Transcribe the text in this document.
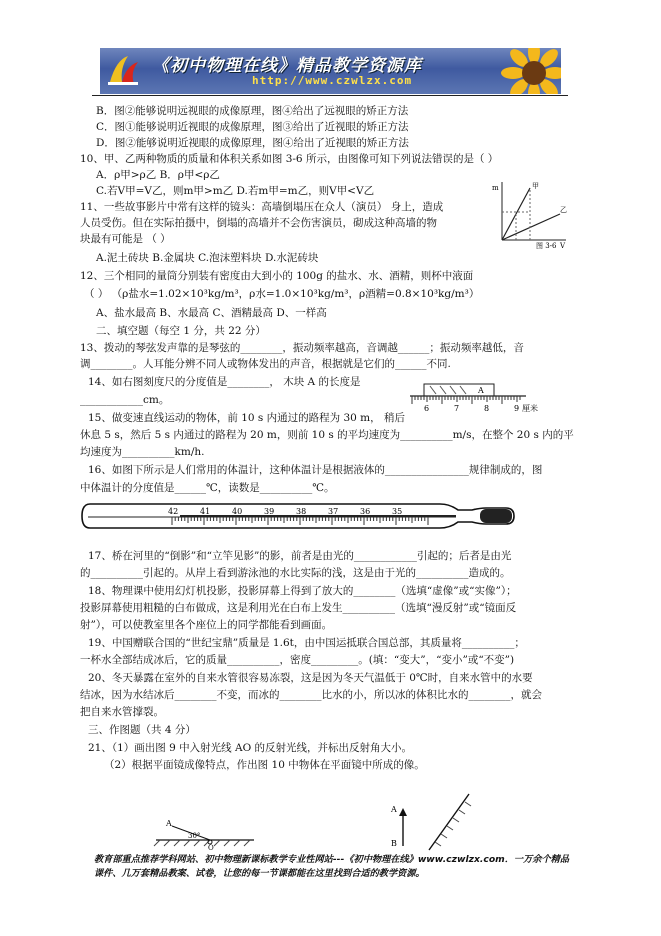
《初中物理在线》精品教学资源库
http://www.czwlzx.com
B．图②能够说明远视眼的成像原理，图④给出了远视眼的矫正方法
C．图①能够说明近视眼的成像原理，图③给出了近视眼的矫正方法
D．图②能够说明近视眼的成像原理，图④给出了近视眼的矫正方法
10、甲、乙两种物质的质量和体积关系如图 3-6 所示，由图像可知下列说法错误的是（ ）
A．ρ甲>ρ乙 B．ρ甲<ρ乙
C.若V甲=V乙，则m甲>m乙 D.若m甲=m乙，则V甲<V乙
11、一些故事影片中常有这样的镜头：高墙倒塌压在众人（演员） 身上，造成
人员受伤。但在实际拍摄中，倒塌的高墙并不会伤害演员，砌成这种高墙的物
块最有可能是 （ ）
A.泥土砖块 B.金属块 C.泡沫塑料块 D.水泥砖块
12、三个相同的量筒分别装有密度由大到小的 100g 的盐水、水、酒精，则杯中液面
（ ） （ρ盐水=1.02×10³kg/m³，ρ水=1.0×10³kg/m³，ρ酒精=0.8×10³kg/m³）
A、盐水最高 B、水最高 C、酒精最高 D、一样高
二、填空题（每空 1 分，共 22 分）
13、拨动的琴弦发声靠的是琴弦的________，振动频率越高，音调越______；振动频率越低，音
调________。人耳能分辨不同人或物体发出的声音，根据就是它们的______不同.
14、如右图刻度尺的分度值是________， 木块 A 的长度是
____________cm。
15、做变速直线运动的物体，前 10 s 内通过的路程为 30 m， 稍后
休息 5 s，然后 5 s 内通过的路程为 20 m，则前 10 s 的平均速度为__________m/s，在整个 20 s 内的平
均速度为__________km/h.
16、如图下所示是人们常用的体温计，这种体温计是根据液体的________________规律制成的，图
中体温计的分度值是______℃，读数是__________℃。
17、桥在河里的“倒影”和“立竿见影”的影，前者是由光的____________引起的；后者是由光
的__________引起的。从岸上看到游泳池的水比实际的浅，这是由于光的__________造成的。
18、物理课中使用幻灯机投影，投影屏幕上得到了放大的________（选填“虚像”或“实像”）；
投影屏幕使用粗糙的白布做成，这是利用光在白布上发生__________（选填“漫反射”或“镜面反
射”），可以使教室里各个座位上的同学都能看到画面。
19、中国赠联合国的“世纪宝鼎”质量是 1.6t，由中国运抵联合国总部，其质量将__________；
一杯水全部结成冰后，它的质量__________，密度_________。(填：“变大”，“变小”或“不变”)
20、冬天暴露在室外的自来水管很容易冻裂，这是因为冬天气温低于 0℃时，自来水管中的水要
结冰，因为水结冰后________不变，而冰的________比水的小，所以冰的体积比水的________，就会
把自来水管撑裂。
三、作图题（共 4 分）
21、（1）画出图 9 中入射光线 AO 的反射光线，并标出反射角大小。
（2）根据平面镜成像特点，作出图 10 中物体在平面镜中所成的像。
m
V
甲
乙
图 3-6
A
6	7	8	9 厘米
42	41	40	39	38	37	36	35
A
30°
O
A
B
教育部重点推荐学科网站、初中物理新课标教学专业性网站---《初中物理在线》www.czwlzx.com．一万余个精品课件、几万套精品教案、试卷，让您的每一节课都能在这里找到合适的教学资源。
